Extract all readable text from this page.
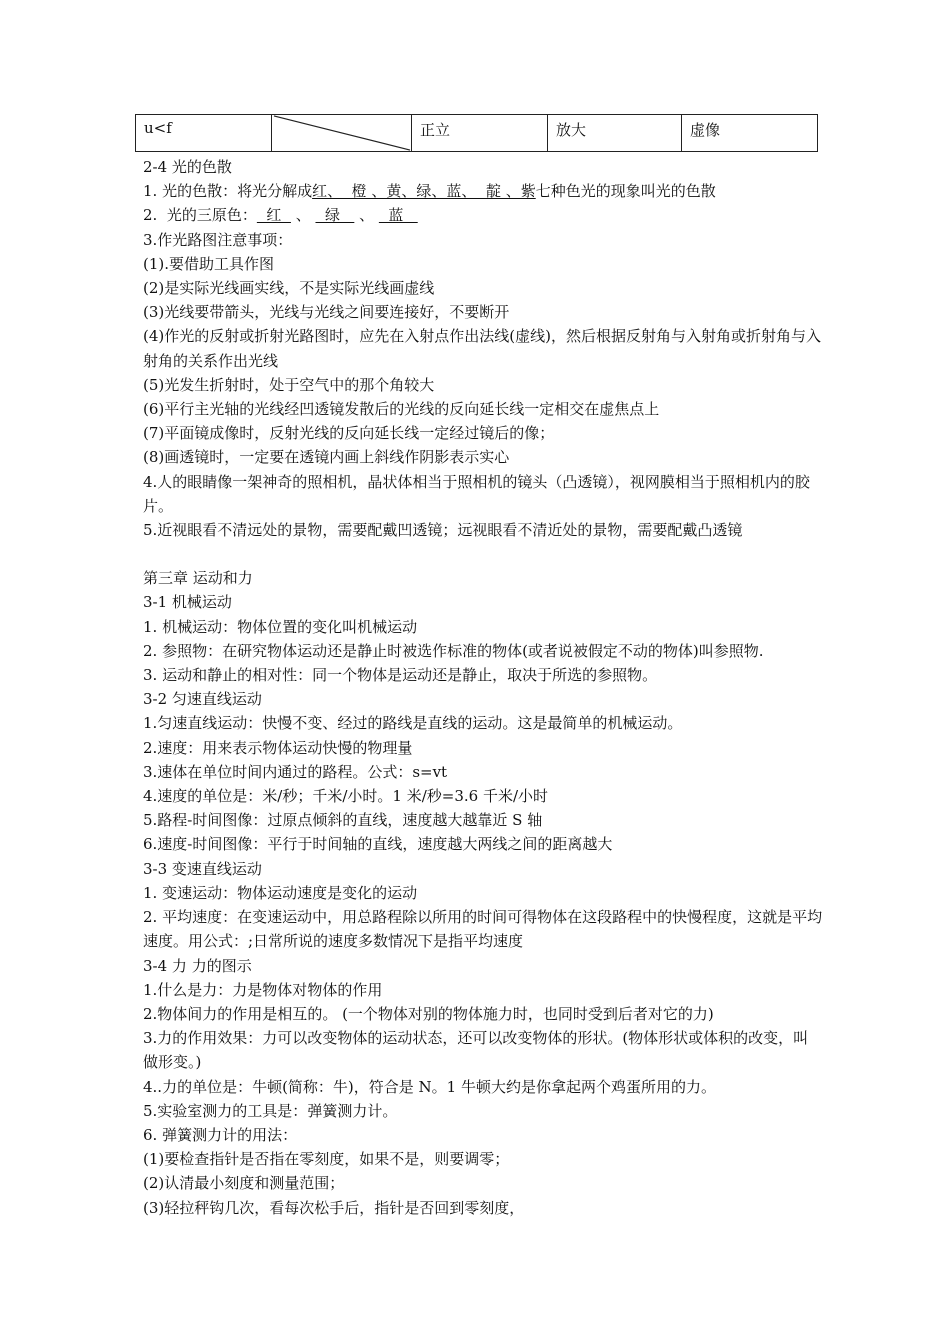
u<f		正立	放大	虚像

2-4 光的色散

1. 光的色散：将光分解成红、  橙 、黄、绿、蓝、  靛 、紫七种色光的现象叫光的色散

2.  光的三原色：  红   、   绿    、   蓝

3.作光路图注意事项：

(1).要借助工具作图

(2)是实际光线画实线，不是实际光线画虚线

(3)光线要带箭头，光线与光线之间要连接好，不要断开

(4)作光的反射或折射光路图时，应先在入射点作出法线(虚线)，然后根据反射角与入射角或折射角与入射角的关系作出光线

(5)光发生折射时，处于空气中的那个角较大

(6)平行主光轴的光线经凹透镜发散后的光线的反向延长线一定相交在虚焦点上

(7)平面镜成像时，反射光线的反向延长线一定经过镜后的像；

(8)画透镜时，一定要在透镜内画上斜线作阴影表示实心

4.人的眼睛像一架神奇的照相机，晶状体相当于照相机的镜头（凸透镜），视网膜相当于照相机内的胶片。

5.近视眼看不清远处的景物，需要配戴凹透镜；远视眼看不清近处的景物，需要配戴凸透镜

第三章 运动和力

3-1 机械运动

1. 机械运动：物体位置的变化叫机械运动

2. 参照物：在研究物体运动还是静止时被选作标准的物体(或者说被假定不动的物体)叫参照物.

3. 运动和静止的相对性：同一个物体是运动还是静止，取决于所选的参照物。

3-2 匀速直线运动

1.匀速直线运动：快慢不变、经过的路线是直线的运动。这是最简单的机械运动。

2.速度：用来表示物体运动快慢的物理量

3.速体在单位时间内通过的路程。公式：s=vt

4.速度的单位是：米/秒；千米/小时。1 米/秒=3.6 千米/小时

5.路程-时间图像：过原点倾斜的直线，速度越大越靠近 S 轴

6.速度-时间图像：平行于时间轴的直线，速度越大两线之间的距离越大

3-3 变速直线运动

1. 变速运动：物体运动速度是变化的运动

2. 平均速度：在变速运动中，用总路程除以所用的时间可得物体在这段路程中的快慢程度，这就是平均速度。用公式：;日常所说的速度多数情况下是指平均速度

3-4 力 力的图示

1.什么是力：力是物体对物体的作用

2.物体间力的作用是相互的。 (一个物体对别的物体施力时，也同时受到后者对它的力)

3.力的作用效果：力可以改变物体的运动状态，还可以改变物体的形状。(物体形状或体积的改变，叫做形变。)

4..力的单位是：牛顿(简称：牛)，符合是 N。1 牛顿大约是你拿起两个鸡蛋所用的力。

5.实验室测力的工具是：弹簧测力计。

6. 弹簧测力计的用法：

(1)要检查指针是否指在零刻度，如果不是，则要调零；

(2)认清最小刻度和测量范围；

(3)轻拉秤钩几次，看每次松手后，指针是否回到零刻度，
